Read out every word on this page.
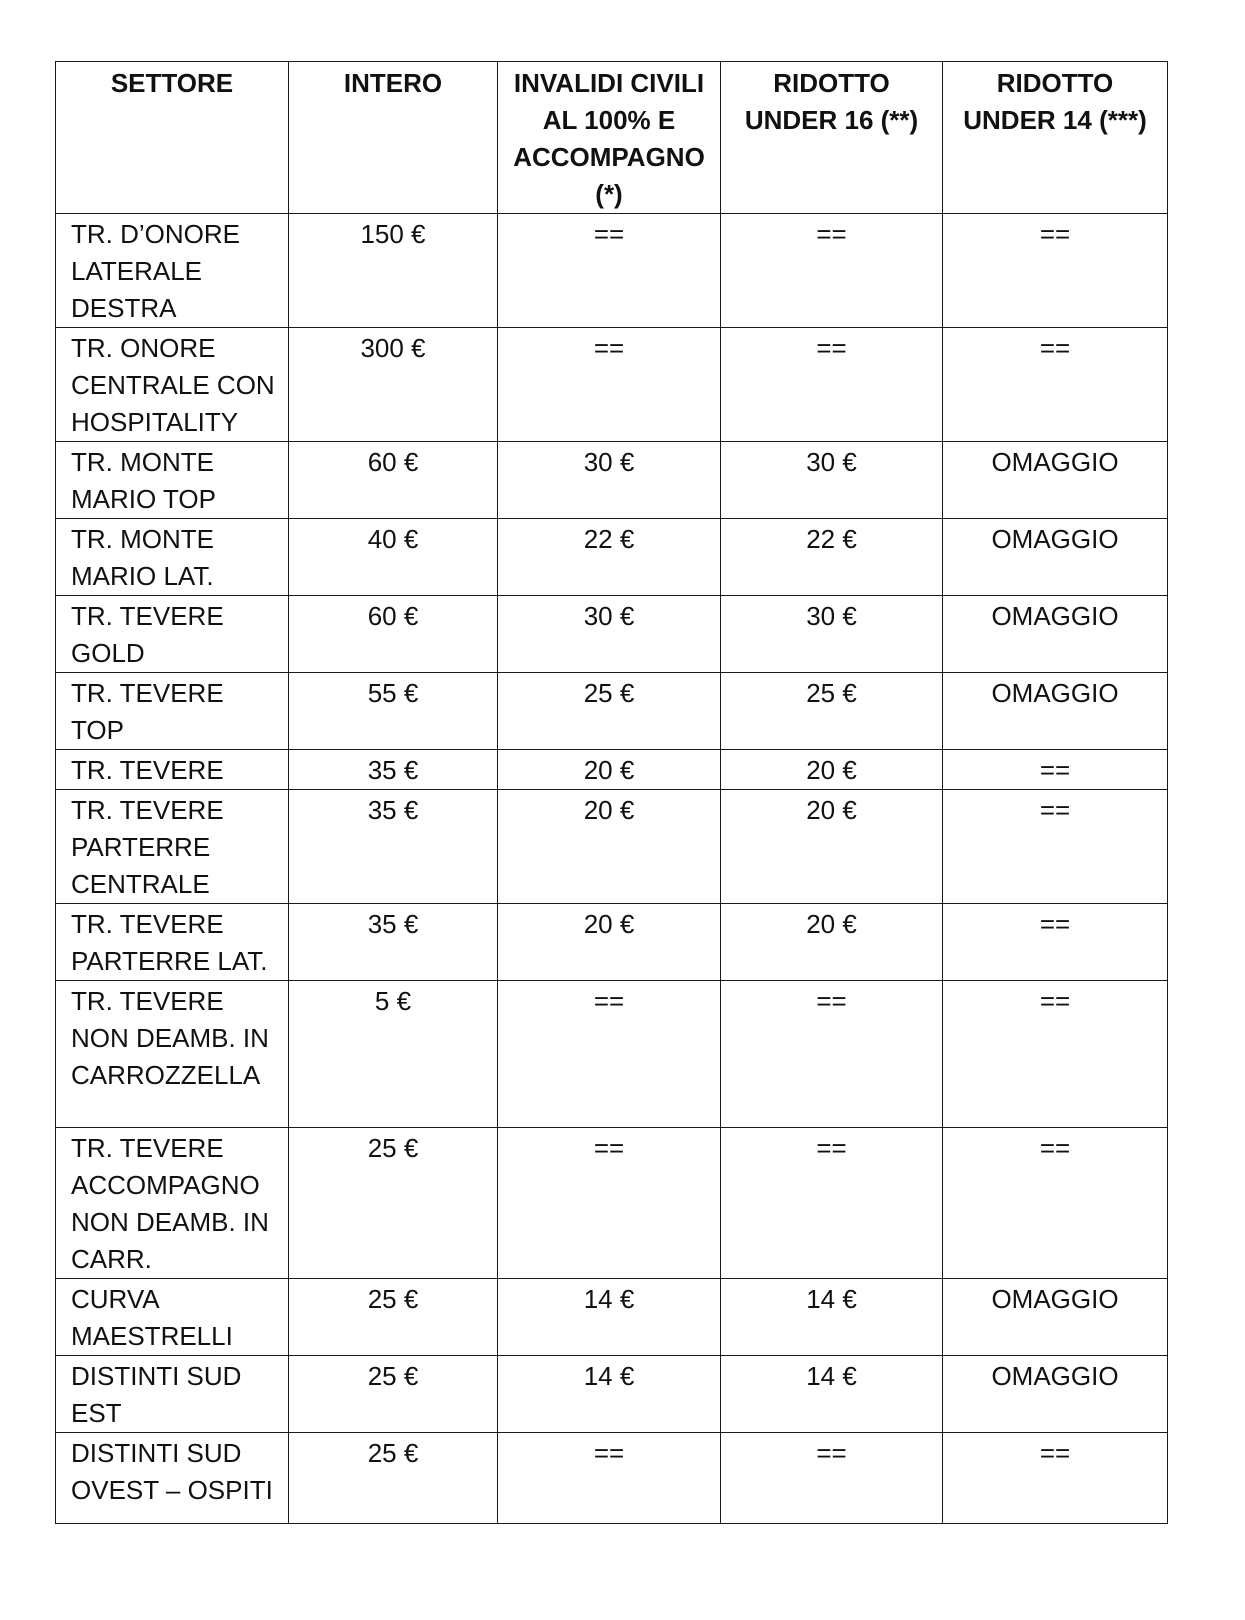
SETTORE	INTERO	INVALIDI CIVILI AL 100% E ACCOMPAGNO (*)	RIDOTTO UNDER 16 (**)	RIDOTTO UNDER 14 (***)
TR. D’ONORE LATERALE DESTRA	150 €	==	==	==
TR. ONORE CENTRALE CON HOSPITALITY	300 €	==	==	==
TR. MONTE MARIO TOP	60 €	30 €	30 €	OMAGGIO
TR. MONTE MARIO LAT.	40 €	22 €	22 €	OMAGGIO
TR. TEVERE GOLD	60 €	30 €	30 €	OMAGGIO
TR. TEVERE TOP	55 €	25 €	25 €	OMAGGIO
TR. TEVERE	35 €	20 €	20 €	==
TR. TEVERE PARTERRE CENTRALE	35 €	20 €	20 €	==
TR. TEVERE PARTERRE LAT.	35 €	20 €	20 €	==
TR. TEVERE NON DEAMB. IN CARROZZELLA	5 €	==	==	==
TR. TEVERE ACCOMPAGNO NON DEAMB. IN CARR.	25 €	==	==	==
CURVA MAESTRELLI	25 €	14 €	14 €	OMAGGIO
DISTINTI SUD EST	25 €	14 €	14 €	OMAGGIO
DISTINTI SUD OVEST – OSPITI	25 €	==	==	==
